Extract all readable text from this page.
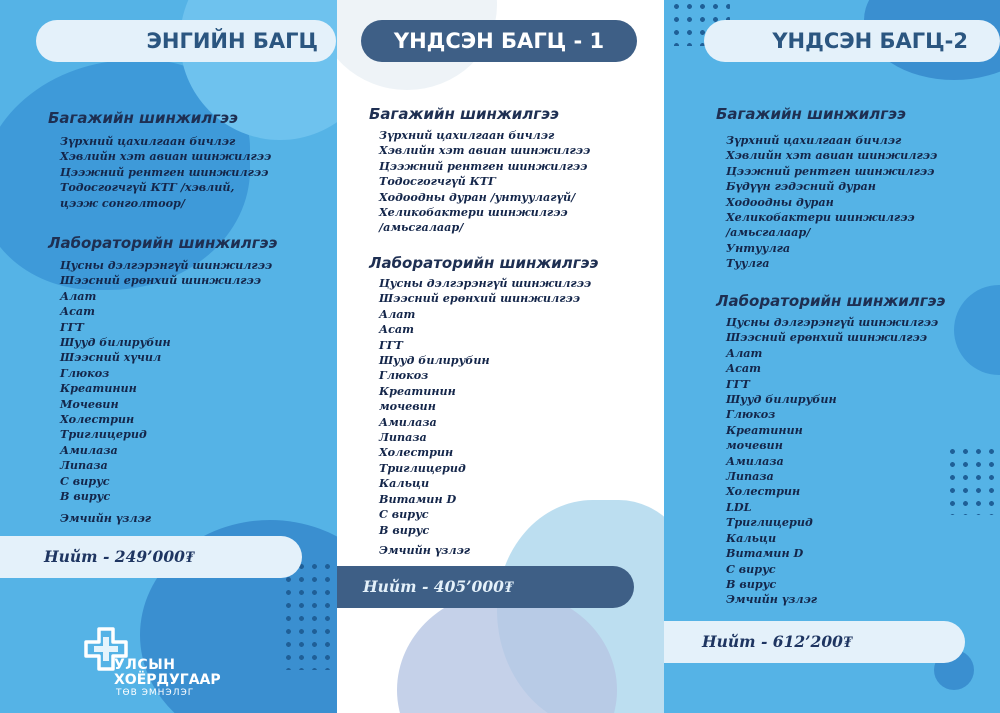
ЭНГИЙН БАГЦ
Багажийн шинжилгээ
Зүрхний цахилгаан бичлэг
Хэвлийн хэт авиан шинжилгээ
Цээжний рентген шинжилгээ
Тодосгогчгүй КТГ /хэвлий, цээж сонголтоор/
Лабораторийн шинжилгээ
Цусны дэлгэрэнгүй шинжилгээ
Шээсний ерөнхий шинжилгээ
Алат
Асат
ГГТ
Шууд билирубин
Шээсний хүчил
Глюкоз
Креатинин
Мочевин
Холестрин
Триглицерид
Амилаза
Липаза
С вирус
В вирус
Эмчийн үзлэг
Нийт - 249’000₮
УЛСЫН
ХОЁРДУГААР
ТӨВ ЭМНЭЛЭГ
ҮНДСЭН БАГЦ - 1
Багажийн шинжилгээ
Зүрхний цахилгаан бичлэг
Хэвлийн хэт авиан шинжилгээ
Цээжний рентген шинжилгээ
Тодосгогчгүй КТГ
Ходоодны дуран /унтуулагүй/
Хеликобактери шинжилгээ
/амьсгалаар/
Лабораторийн шинжилгээ
Цусны дэлгэрэнгүй шинжилгээ
Шээсний ерөнхий шинжилгээ
Алат
Асат
ГГТ
Шууд билирубин
Глюкоз
Креатинин
мочевин
Амилаза
Липаза
Холестрин
Триглицерид
Кальци
Витамин D
С вирус
В вирус
Эмчийн үзлэг
Нийт - 405’000₮
ҮНДСЭН БАГЦ-2
Багажийн шинжилгээ
Зүрхний цахилгаан бичлэг
Хэвлийн хэт авиан шинжилгээ
Цээжний рентген шинжилгээ
Бүдүүн гэдэсний дуран
Ходоодны дуран
Хеликобактери шинжилгээ
/амьсгалаар/
Унтуулга
Туулга
Лабораторийн шинжилгээ
Цусны дэлгэрэнгүй шинжилгээ
Шээсний ерөнхий шинжилгээ
Алат
Асат
ГГТ
Шууд билирубин
Глюкоз
Креатинин
мочевин
Амилаза
Липаза
Холестрин
LDL
Триглицерид
Кальци
Витамин D
С вирус
В вирус
Эмчийн үзлэг
Нийт - 612’200₮
